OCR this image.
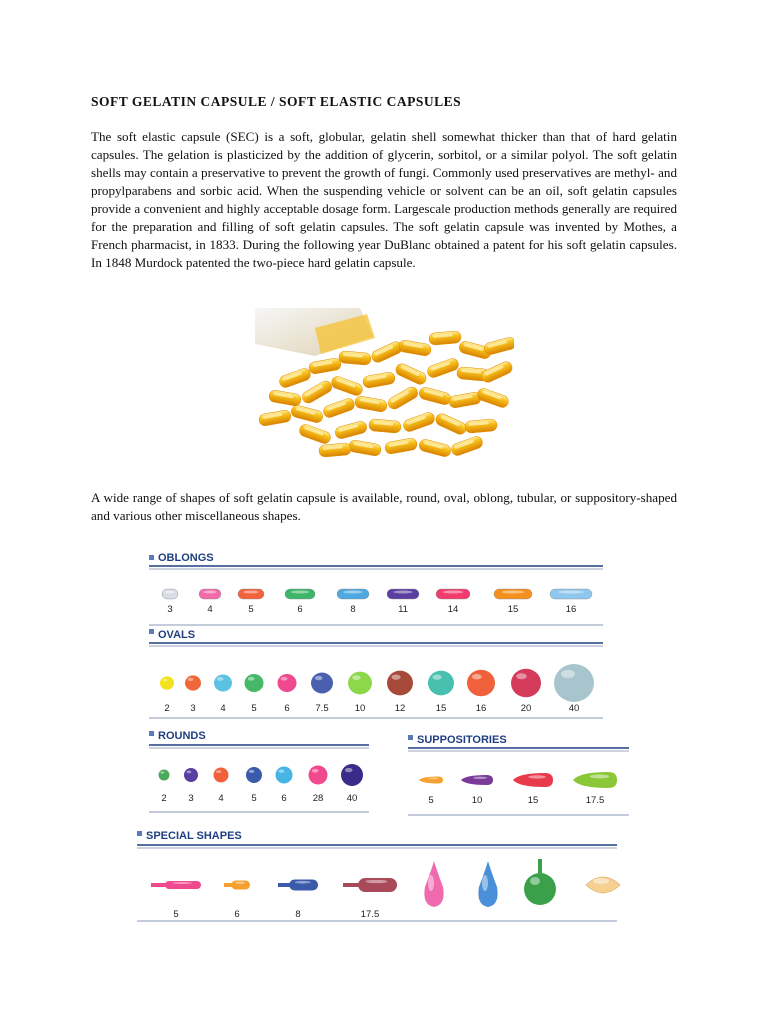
SOFT GELATIN CAPSULE / SOFT ELASTIC CAPSULES

The soft elastic capsule (SEC) is a soft, globular, gelatin shell somewhat thicker than that of hard gelatin capsules. The gelation is plasticized by the addition of glycerin, sorbitol, or a similar polyol. The soft gelatin shells may contain a preservative to prevent the growth of fungi. Commonly used preservatives are methyl- and propylparabens and sorbic acid. When the suspending vehicle or solvent can be an oil, soft gelatin capsules provide a convenient and highly acceptable dosage form. Largescale production methods generally are required for the preparation and filling of soft gelatin capsules. The soft gelatin capsule was invented by Mothes, a French pharmacist, in 1833. During the following year DuBlanc obtained a patent for his soft gelatin capsules. In 1848 Murdock patented the two-piece hard gelatin capsule.

A wide range of shapes of soft gelatin capsule is available, round, oval, oblong, tubular, or suppository-shaped and various other miscellaneous shapes.

OBLONGS
3	4	5	6	8	11	14	15	16
OVALS
2 3	4	5	6	7.5	10	12	15	16	20	40
ROUNDS
2 3	4	5	6	28 40
SUPPOSITORIES
5	10	15	17.5
SPECIAL SHAPES
5	6	8	17.5
